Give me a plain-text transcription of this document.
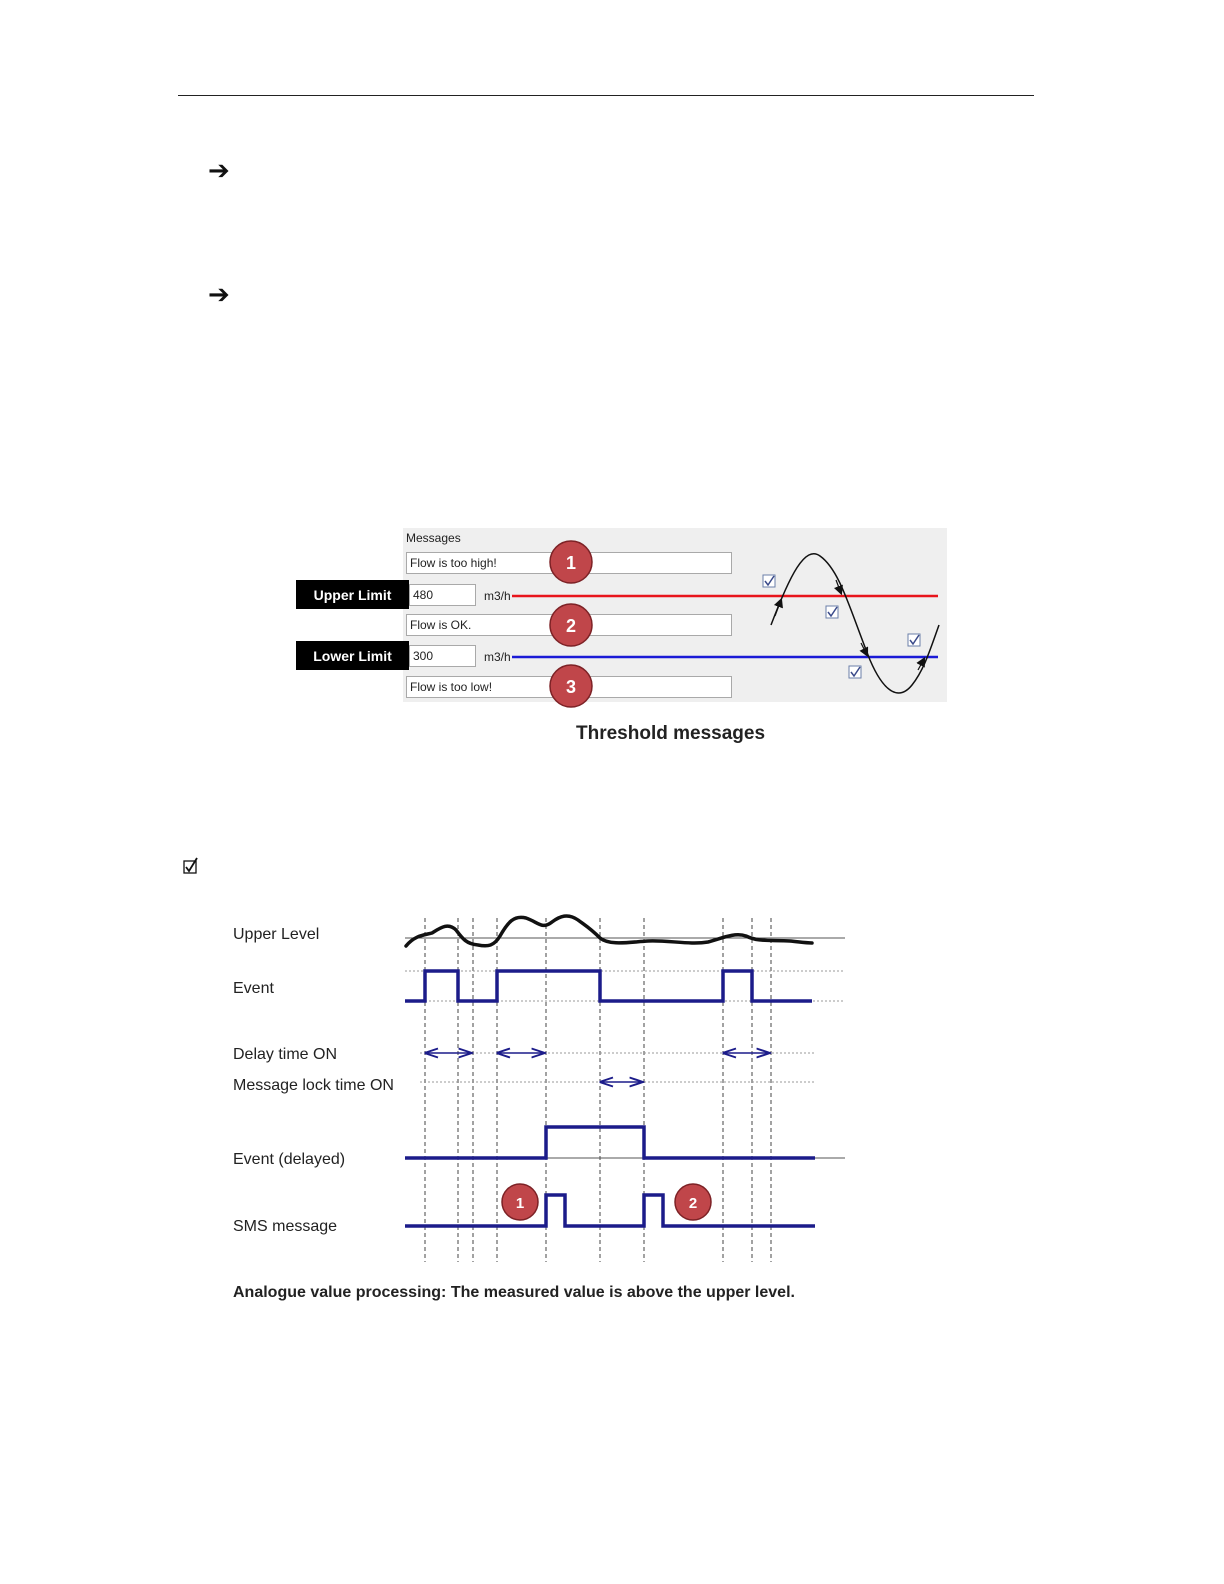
➔
➔
Messages
Flow is too high!
480	m3/h
Flow is OK.
300	m3/h
Flow is too low!
Upper Limit
Lower Limit
1
2
3
1	2
Threshold messages
Upper Level
Event
Delay time ON
Message lock time ON
Event (delayed)
SMS message
Analogue value processing: The measured value is above the upper level.
